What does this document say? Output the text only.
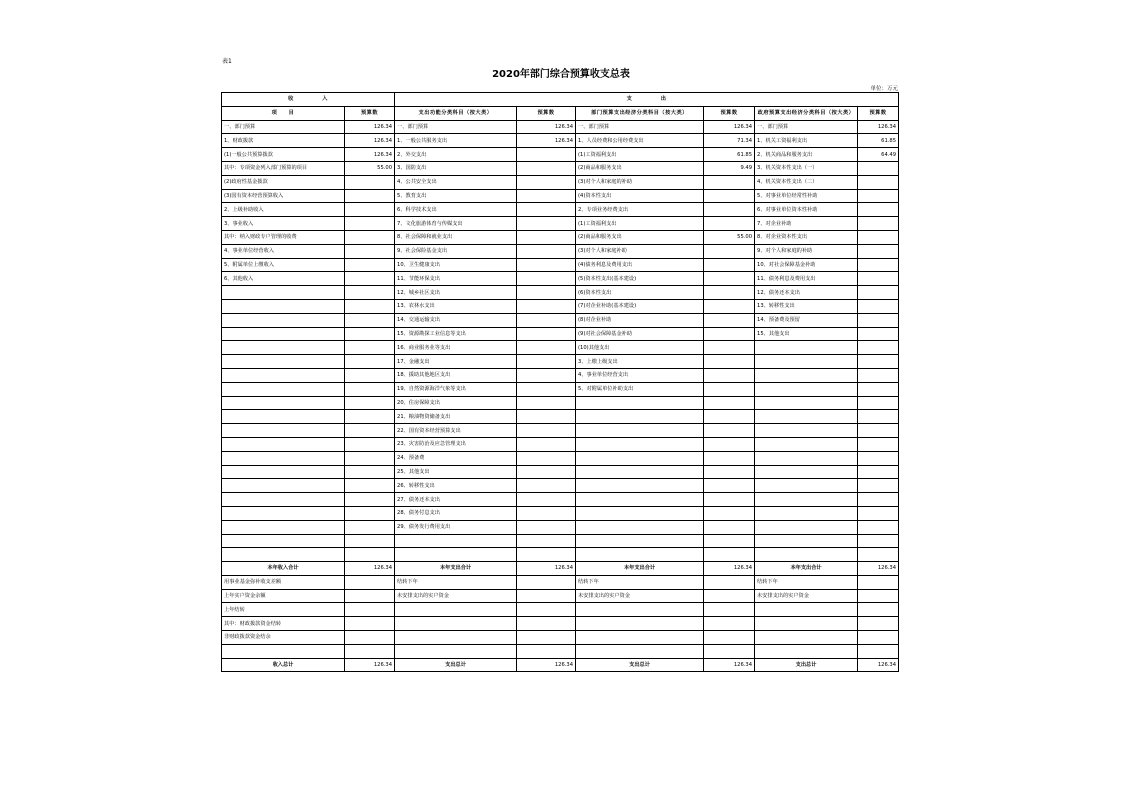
表1
2020年部门综合预算收支总表
单位：万元
收　　　　　入		支　　　　　出					
项　　目	预算数	支出功能分类科目（按大类）	预算数	部门预算支出经济分类科目（按大类）	预算数	政府预算支出经济分类科目（按大类）	预算数
一、部门预算	126.34	一、部门预算	126.34	一、部门预算	126.34	一、部门预算	126.34
1、财政拨款	126.34	1、一般公共服务支出	126.34	1、人员经费和公用经费支出	71.34	1、机关工资福利支出	61.85
(1)一般公共预算拨款	126.34	2、外交支出		(1)工资福利支出	61.85	2、机关商品和服务支出	64.49
其中：专项资金列入部门预算的项目	55.00	3、国防支出		(2)商品和服务支出	9.49	3、机关资本性支出（一）	
(2)政府性基金拨款		4、公共安全支出		(3)对个人和家庭的补助		4、机关资本性支出（二）	
(3)国有资本经营预算收入		5、教育支出		(4)资本性支出		5、对事业单位经常性补助	
2、上级补助收入		6、科学技术支出		2、专项业务经费支出		6、对事业单位资本性补助	
3、事业收入		7、文化旅游体育与传媒支出		(1)工资福利支出		7、对企业补助	
其中：纳入财政专户管理的收费		8、社会保障和就业支出		(2)商品和服务支出	55.00	8、对企业资本性支出	
4、事业单位经营收入		9、社会保险基金支出		(3)对个人和家庭补助		9、对个人和家庭的补助	
5、附属单位上缴收入		10、卫生健康支出		(4)债务利息及费用支出		10、对社会保障基金补助	
6、其他收入		11、节能环保支出		(5)资本性支出(基本建设)		11、债务利息及费用支出	
		12、城乡社区支出		(6)资本性支出		12、债务还本支出	
		13、农林水支出		(7)对企业补助(基本建设)		13、转移性支出	
		14、交通运输支出		(8)对企业补助		14、预备费及预留	
		15、资源勘探工业信息等支出		(9)对社会保障基金补助		15、其他支出	
		16、商业服务业等支出		(10)其他支出			
		17、金融支出		3、上缴上级支出			
		18、援助其他地区支出		4、事业单位经营支出			
		19、自然资源海洋气象等支出		5、对附属单位补助支出			
		20、住房保障支出					
		21、粮油物资储备支出					
		22、国有资本经营预算支出					
		23、灾害防治及应急管理支出					
		24、预备费					
		25、其他支出					
		26、转移性支出					
		27、债务还本支出					
		28、债务付息支出					
		29、债务发行费用支出					

本年收入合计	126.34	本年支出合计	126.34	本年支出合计	126.34	本年支出合计	126.34
用事业基金弥补收支差额		结转下年		结转下年		结转下年	
上年实户资金余额		未安排支出的实户资金		未安排支出的实户资金		未安排支出的实户资金	
上年结转							
其中：财政拨款资金结转							
非财政拨款资金结余							

收入总计	126.34	支出总计	126.34	支出总计	126.34	支出总计	126.34
